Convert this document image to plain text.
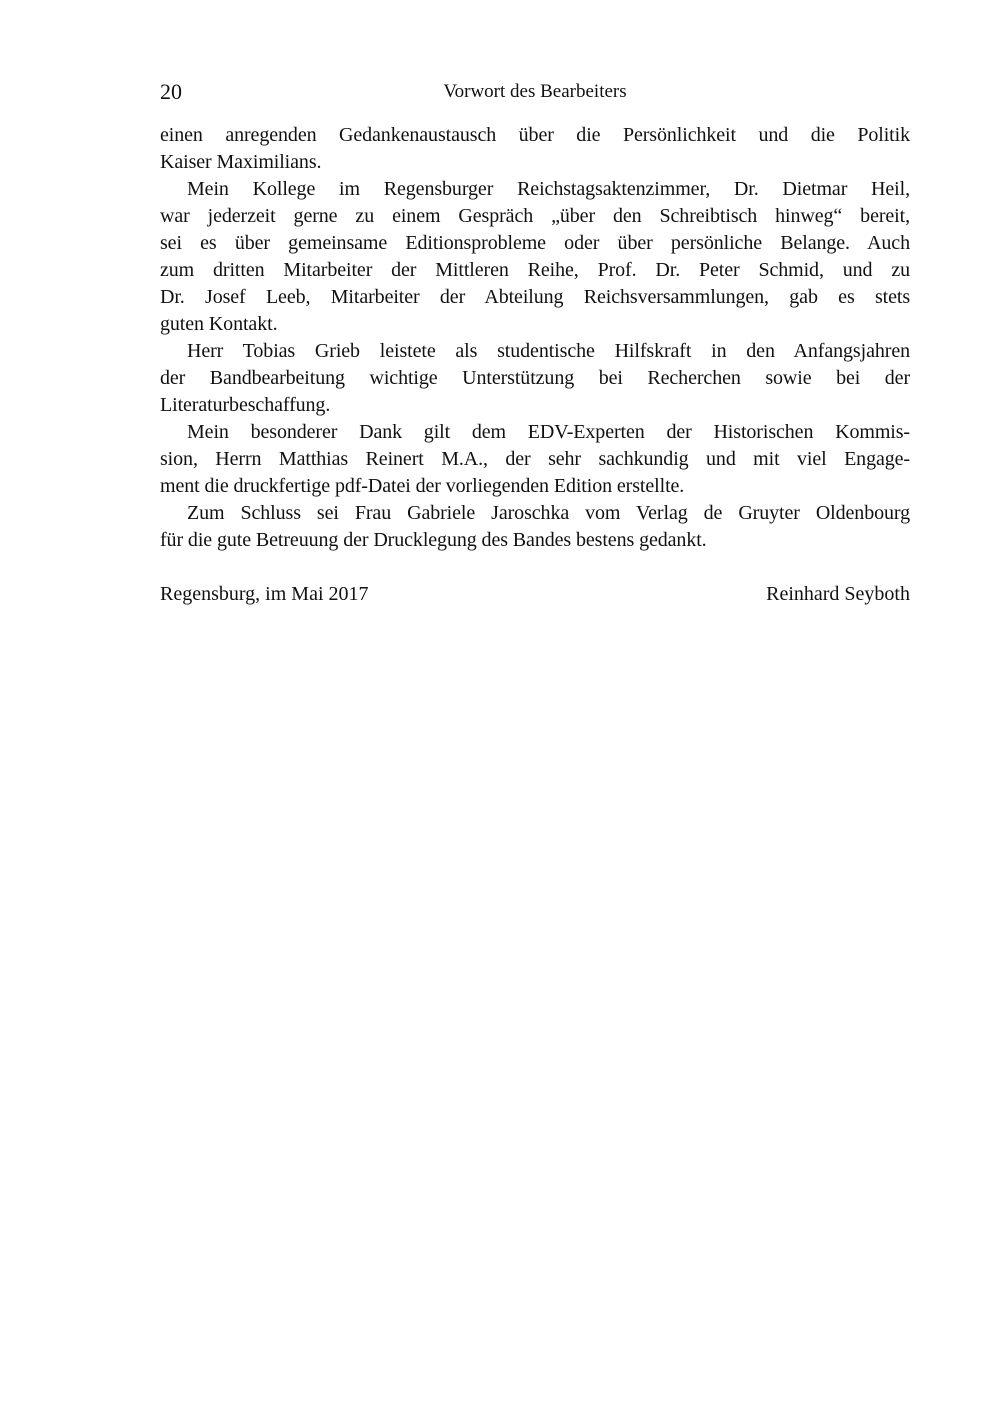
20	Vorwort des Bearbeiters
einen anregenden Gedankenaustausch über die Persönlichkeit und die Politik
Kaiser Maximilians.
Mein Kollege im Regensburger Reichstagsaktenzimmer, Dr. Dietmar Heil,
war jederzeit gerne zu einem Gespräch „über den Schreibtisch hinweg“ bereit,
sei es über gemeinsame Editionsprobleme oder über persönliche Belange. Auch
zum dritten Mitarbeiter der Mittleren Reihe, Prof. Dr. Peter Schmid, und zu
Dr. Josef Leeb, Mitarbeiter der Abteilung Reichsversammlungen, gab es stets
guten Kontakt.
Herr Tobias Grieb leistete als studentische Hilfskraft in den Anfangsjahren
der Bandbearbeitung wichtige Unterstützung bei Recherchen sowie bei der
Literaturbeschaffung.
Mein besonderer Dank gilt dem EDV-Experten der Historischen Kommis-
sion, Herrn Matthias Reinert M.A., der sehr sachkundig und mit viel Engage-
ment die druckfertige pdf-Datei der vorliegenden Edition erstellte.
Zum Schluss sei Frau Gabriele Jaroschka vom Verlag de Gruyter Oldenbourg
für die gute Betreuung der Drucklegung des Bandes bestens gedankt.
Regensburg, im Mai 2017	Reinhard Seyboth
